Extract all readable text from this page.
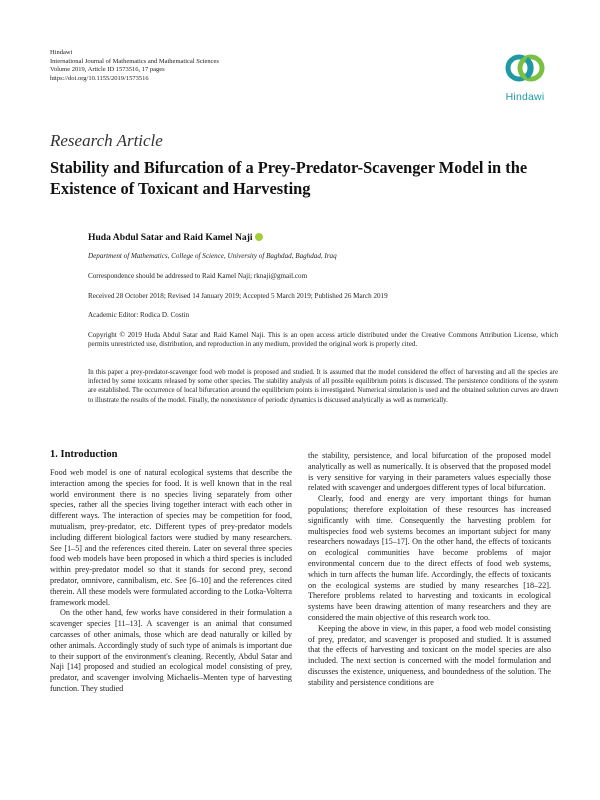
Hindawi
International Journal of Mathematics and Mathematical Sciences
Volume 2019, Article ID 1573516, 17 pages
https://doi.org/10.1155/2019/1573516
Hindawi
Research Article
Stability and Bifurcation of a Prey-Predator-Scavenger Model in the Existence of Toxicant and Harvesting
Huda Abdul Satar and Raid Kamel Naji
Department of Mathematics, College of Science, University of Baghdad, Baghdad, Iraq
Correspondence should be addressed to Raid Kamel Naji; rknaji@gmail.com
Received 28 October 2018; Revised 14 January 2019; Accepted 5 March 2019; Published 26 March 2019
Academic Editor: Rodica D. Costin
Copyright © 2019 Huda Abdul Satar and Raid Kamel Naji. This is an open access article distributed under the Creative Commons Attribution License, which permits unrestricted use, distribution, and reproduction in any medium, provided the original work is properly cited.
In this paper a prey-predator-scavenger food web model is proposed and studied. It is assumed that the model considered the effect of harvesting and all the species are infected by some toxicants released by some other species. The stability analysis of all possible equilibrium points is discussed. The persistence conditions of the system are established. The occurrence of local bifurcation around the equilibrium points is investigated. Numerical simulation is used and the obtained solution curves are drawn to illustrate the results of the model. Finally, the nonexistence of periodic dynamics is discussed analytically as well as numerically.
1. Introduction

Food web model is one of natural ecological systems that describe the interaction among the species for food. It is well known that in the real world environment there is no species living separately from other species, rather all the species living together interact with each other in different ways. The interaction of species may be competition for food, mutualism, prey-predator, etc. Different types of prey-predator models including different biological factors were studied by many researchers. See [1–5] and the references cited therein. Later on several three species food web models have been proposed in which a third species is included within prey-predator model so that it stands for second prey, second predator, omnivore, cannibalism, etc. See [6–10] and the references cited therein. All these models were formulated according to the Lotka-Volterra framework model.

On the other hand, few works have considered in their formulation a scavenger species [11–13]. A scavenger is an animal that consumed carcasses of other animals, those which are dead naturally or killed by other animals. Accordingly study of such type of animals is important due to their support of the environment's cleaning. Recently, Abdul Satar and Naji [14] proposed and studied an ecological model consisting of prey, predator, and scavenger involving Michaelis–Menten type of harvesting function. They studied

the stability, persistence, and local bifurcation of the proposed model analytically as well as numerically. It is observed that the proposed model is very sensitive for varying in their parameters values especially those related with scavenger and undergoes different types of local bifurcation.

Clearly, food and energy are very important things for human populations; therefore exploitation of these resources has increased significantly with time. Consequently the harvesting problem for multispecies food web systems becomes an important subject for many researchers nowadays [15–17]. On the other hand, the effects of toxicants on ecological communities have become problems of major environmental concern due to the direct effects of food web systems, which in turn affects the human life. Accordingly, the effects of toxicants on the ecological systems are studied by many researches [18–22]. Therefore problems related to harvesting and toxicants in ecological systems have been drawing attention of many researchers and they are considered the main objective of this research work too.

Keeping the above in view, in this paper, a food web model consisting of prey, predator, and scavenger is proposed and studied. It is assumed that the effects of harvesting and toxicant on the model species are also included. The next section is concerned with the model formulation and discusses the existence, uniqueness, and boundedness of the solution. The stability and persistence conditions are
